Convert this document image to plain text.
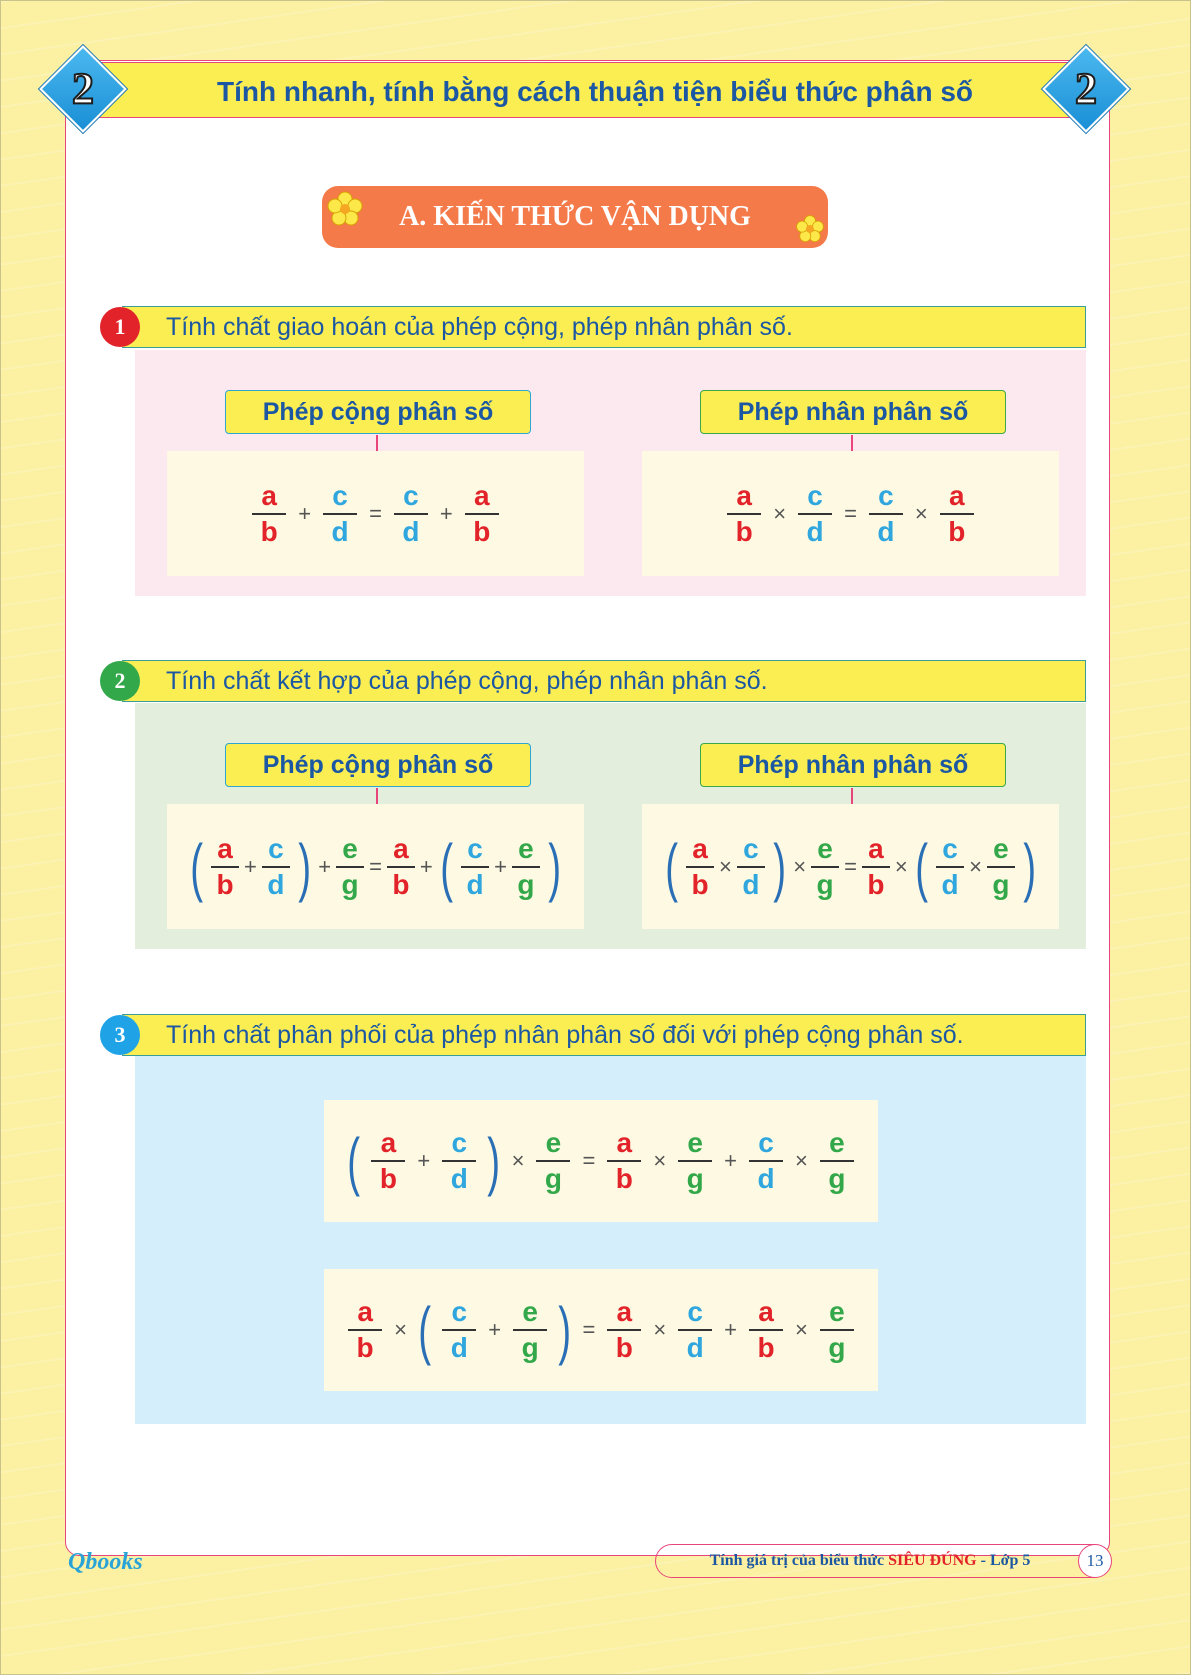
2	2
Tính nhanh, tính bằng cách thuận tiện biểu thức phân số
A. KIẾN THỨC VẬN DỤNG
1	Tính chất giao hoán của phép cộng, phép nhân phân số.
Phép cộng phân số	Phép nhân phân số
a
b
+
c
d
=
c
d
+
a
b
a
b
×
c
d
=
c
d
×
a
b
2	Tính chất kết hợp của phép cộng, phép nhân phân số.
Phép cộng phân số	Phép nhân phân số
( a
b
+
c
d ) +
e
g
=
a
b
+ ( c
d
+
e
g ) ( a
b
×
c
d ) ×
e
g
=
a
b
× ( c
d
×
e
g )
3	Tính chất phân phối của phép nhân phân số đối với phép cộng phân số.
( a
b
+
c
d ) ×
e
g
=
a
b
×
e
g
+
c
d
×
e
g
a
b
× ( c
d
+
e
g ) =
a
b
×
c
d
+
a
b
×
e
g
Qbooks	Tính giá trị của biểu thức SIÊU ĐÚNG - Lớp 5	13
